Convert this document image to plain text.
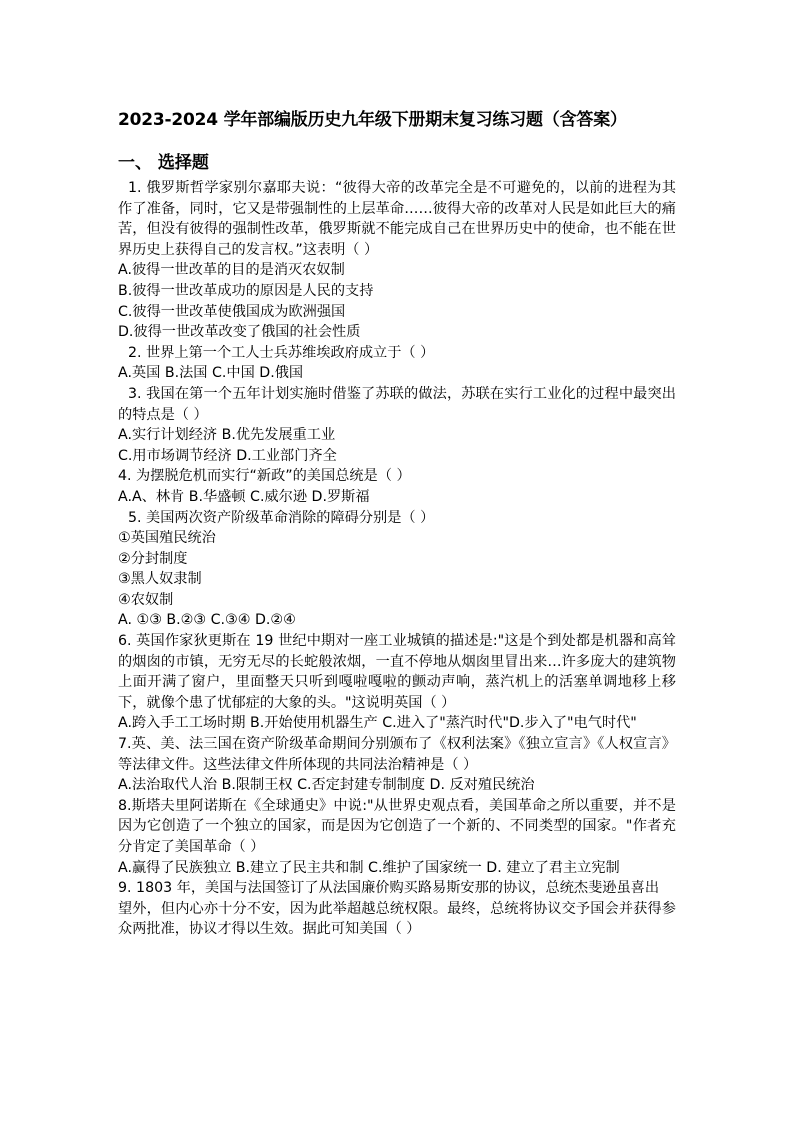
2023-2024 学年部编版历史九年级下册期末复习练习题（含答案）
一、 选择题

1. 俄罗斯哲学家别尔嘉耶夫说：“彼得大帝的改革完全是不可避免的，以前的进程为其作了准备，同时，它又是带强制性的上层革命……彼得大帝的改革对人民是如此巨大的痛苦，但没有彼得的强制性改革，俄罗斯就不能完成自己在世界历史中的使命，也不能在世界历史上获得自己的发言权。”这表明（ ）

A.彼得一世改革的目的是消灭农奴制

B.彼得一世改革成功的原因是人民的支持

C.彼得一世改革使俄国成为欧洲强国

D.彼得一世改革改变了俄国的社会性质

2. 世界上第一个工人士兵苏维埃政府成立于（ ）

A.英国 B.法国 C.中国 D.俄国

3. 我国在第一个五年计划实施时借鉴了苏联的做法，苏联在实行工业化的过程中最突出的特点是（ ）

A.实行计划经济 B.优先发展重工业

C.用市场调节经济 D.工业部门齐全

4. 为摆脱危机而实行“新政”的美国总统是（ ）

A.A、林肯 B.华盛顿 C.威尔逊 D.罗斯福

5. 美国两次资产阶级革命消除的障碍分别是（ ）

①英国殖民统治

②分封制度

③黑人奴隶制

④农奴制

A. ①③ B.②③ C.③④ D.②④

6. 英国作家狄更斯在 19 世纪中期对一座工业城镇的描述是:"这是个到处都是机器和高耸的烟囱的市镇，无穷无尽的长蛇般浓烟，一直不停地从烟囱里冒出来…许多庞大的建筑物上面开满了窗户，里面整天只听到嘎啦嘎啦的颤动声响，蒸汽机上的活塞单调地移上移下，就像个患了忧郁症的大象的头。"这说明英国（ ）

A.跨入手工工场时期 B.开始使用机器生产 C.进入了"蒸汽时代"D.步入了"电气时代"

7.英、美、法三国在资产阶级革命期间分别颁布了《权利法案》《独立宣言》《人权宣言》等法律文件。这些法律文件所体现的共同法治精神是（ ）

A.法治取代人治 B.限制王权 C.否定封建专制制度 D. 反对殖民统治

8.斯塔夫里阿诺斯在《全球通史》中说:"从世界史观点看，美国革命之所以重要，并不是因为它创造了一个独立的国家，而是因为它创造了一个新的、不同类型的国家。"作者充分肯定了美国革命（ ）

A.赢得了民族独立 B.建立了民主共和制 C.维护了国家统一 D. 建立了君主立宪制

9. 1803 年，美国与法国签订了从法国廉价购买路易斯安那的协议，总统杰斐逊虽喜出

望外，但内心亦十分不安，因为此举超越总统权限。最终，总统将协议交予国会并获得参众两批准，协议才得以生效。据此可知美国（ ）
